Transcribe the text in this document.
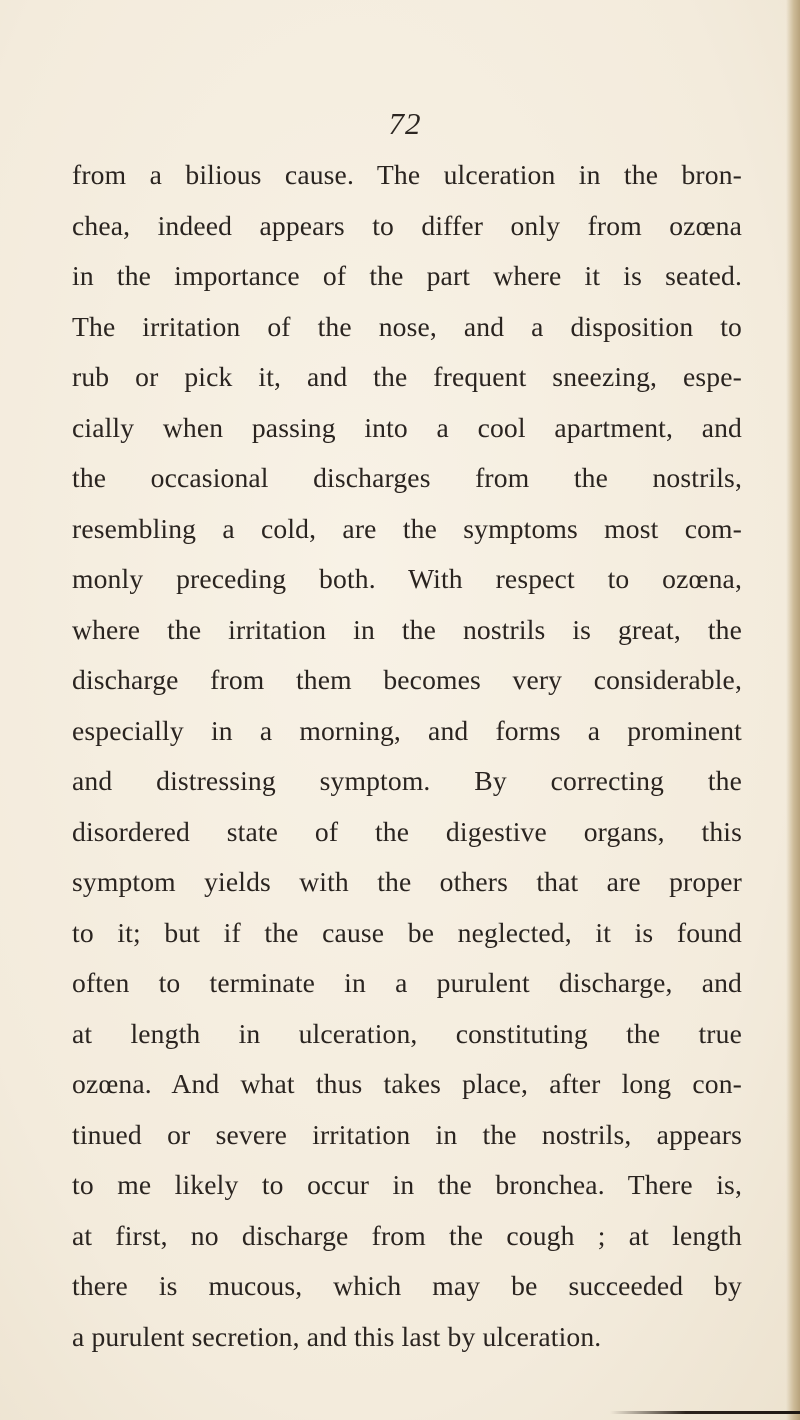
72
from a bilious cause. The ulceration in the bron-
chea, indeed appears to differ only from ozœna
in the importance of the part where it is seated.
The irritation of the nose, and a disposition to
rub or pick it, and the frequent sneezing, espe-
cially when passing into a cool apartment, and
the occasional discharges from the nostrils,
resembling a cold, are the symptoms most com-
monly preceding both. With respect to ozœna,
where the irritation in the nostrils is great, the
discharge from them becomes very considerable,
especially in a morning, and forms a prominent
and distressing symptom. By correcting the
disordered state of the digestive organs, this
symptom yields with the others that are proper
to it; but if the cause be neglected, it is found
often to terminate in a purulent discharge, and
at length in ulceration, constituting the true
ozœna. And what thus takes place, after long con-
tinued or severe irritation in the nostrils, appears
to me likely to occur in the bronchea. There is,
at first, no discharge from the cough ; at length
there is mucous, which may be succeeded by
a purulent secretion, and this last by ulceration.
